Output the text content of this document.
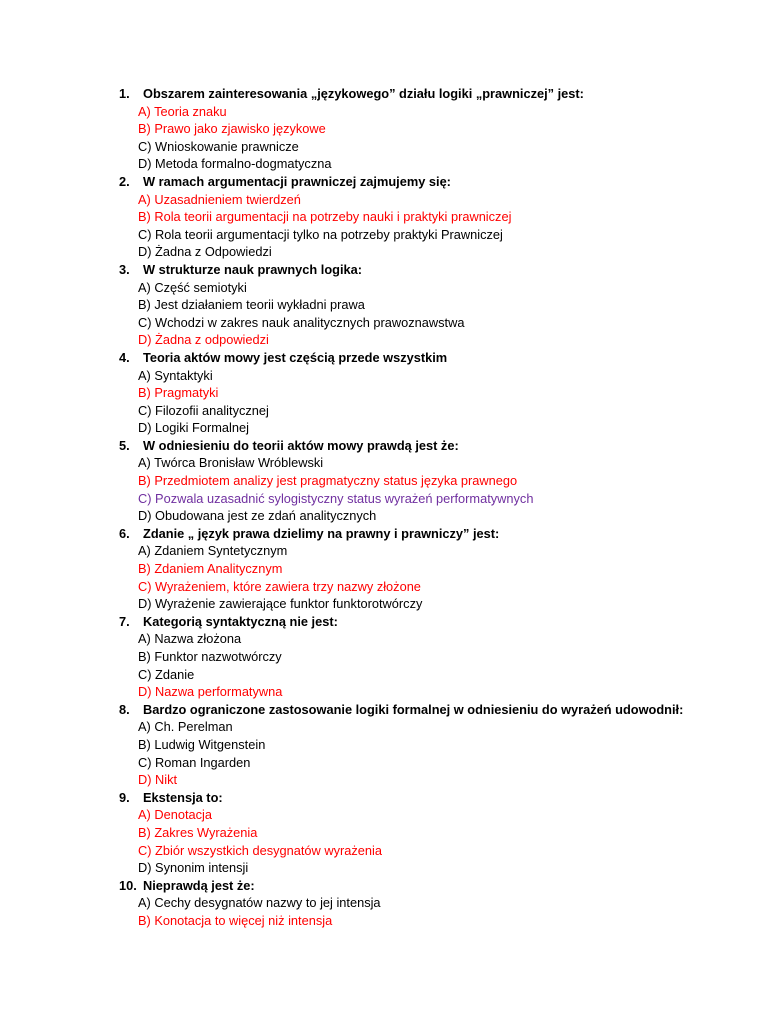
1.	Obszarem zainteresowania „językowego” działu logiki „prawniczej” jest:
A) Teoria znaku
B) Prawo jako zjawisko językowe
C) Wnioskowanie prawnicze
D) Metoda formalno-dogmatyczna
2.	W ramach argumentacji prawniczej zajmujemy się:
A) Uzasadnieniem twierdzeń
B) Rola teorii argumentacji na potrzeby nauki i praktyki prawniczej
C) Rola teorii argumentacji tylko na potrzeby praktyki Prawniczej
D) Żadna z Odpowiedzi
3.	W strukturze nauk prawnych logika:
A) Część semiotyki
B) Jest działaniem teorii wykładni prawa
C) Wchodzi w zakres nauk analitycznych prawoznawstwa
D) Żadna z odpowiedzi
4.	Teoria aktów mowy jest częścią przede wszystkim
A) Syntaktyki
B) Pragmatyki
C) Filozofii analitycznej
D) Logiki Formalnej
5.	W odniesieniu do teorii aktów mowy prawdą jest że:
A) Twórca Bronisław Wróblewski
B) Przedmiotem analizy jest pragmatyczny status języka prawnego
C) Pozwala uzasadnić sylogistyczny status wyrażeń performatywnych
D) Obudowana jest ze zdań analitycznych
6.	Zdanie „ język prawa dzielimy na prawny i prawniczy” jest:
A) Zdaniem Syntetycznym
B) Zdaniem Analitycznym
C) Wyrażeniem, które zawiera trzy nazwy złożone
D) Wyrażenie zawierające funktor funktorotwórczy
7.	Kategorią syntaktyczną nie jest:
A) Nazwa złożona
B) Funktor nazwotwórczy
C) Zdanie
D) Nazwa performatywna
8.	Bardzo ograniczone zastosowanie logiki formalnej w odniesieniu do wyrażeń udowodnił:
A) Ch. Perelman
B) Ludwig Witgenstein
C) Roman Ingarden
D) Nikt
9.	Ekstensja to:
A) Denotacja
B) Zakres Wyrażenia
C) Zbiór wszystkich desygnatów wyrażenia
D) Synonim intensji
10. Nieprawdą jest że:
A) Cechy desygnatów nazwy to jej intensja
B) Konotacja to więcej niż intensja
